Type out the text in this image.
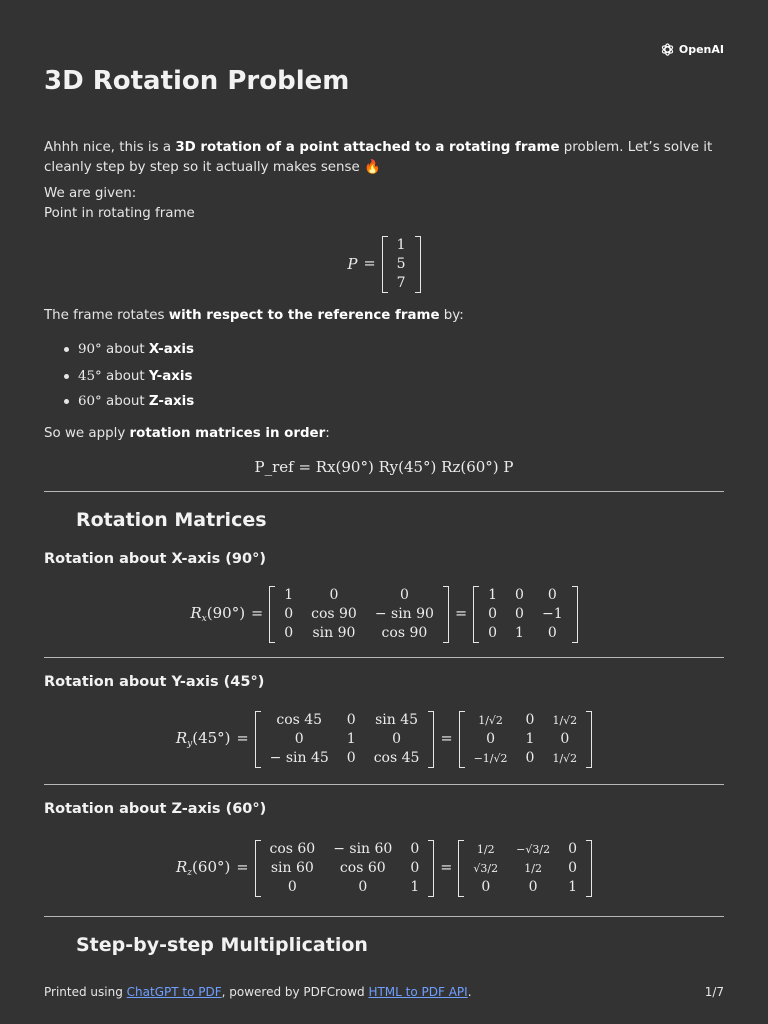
OpenAI
3D Rotation Problem

Ahhh nice, this is a 3D rotation of a point attached to a rotating frame problem. Let’s solve it cleanly step by step so it actually makes sense 🔥

We are given:

Point in rotating frame

P =
1
5
7

The frame rotates with respect to the reference frame by:

90°
about
X-axis
45°
about
Y-axis
60°
about
Z-axis

So we apply rotation matrices in order:

P_ref = Rx(90°) Ry(45°) Rz(60°) P
Rotation Matrices
Rotation about X-axis (90°)
$R_x(90^\circ)$ =
1	0	0
0	cos 90	− sin 90
0	sin 90	cos 90
=
1	0	0
0	0	−1
0	1	0
Rotation about Y-axis (45°)
$R_y(45^\circ)$ =
cos 45	0	sin 45
0	1	0
− sin 45	0	cos 45
=
1/√2	0	1/√2
0	1	0
−1/√2	0	1/√2
Rotation about Z-axis (60°)
$R_z(60^\circ)$ =
cos 60	− sin 60	0
sin 60	cos 60	0
0	0	1
=
1/2	−√3/2	0
√3/2	1/2	0
0	0	1
Step-by-step Multiplication
Printed using ChatGPT to PDF, powered by PDFCrowd HTML to PDF API.	1/7
